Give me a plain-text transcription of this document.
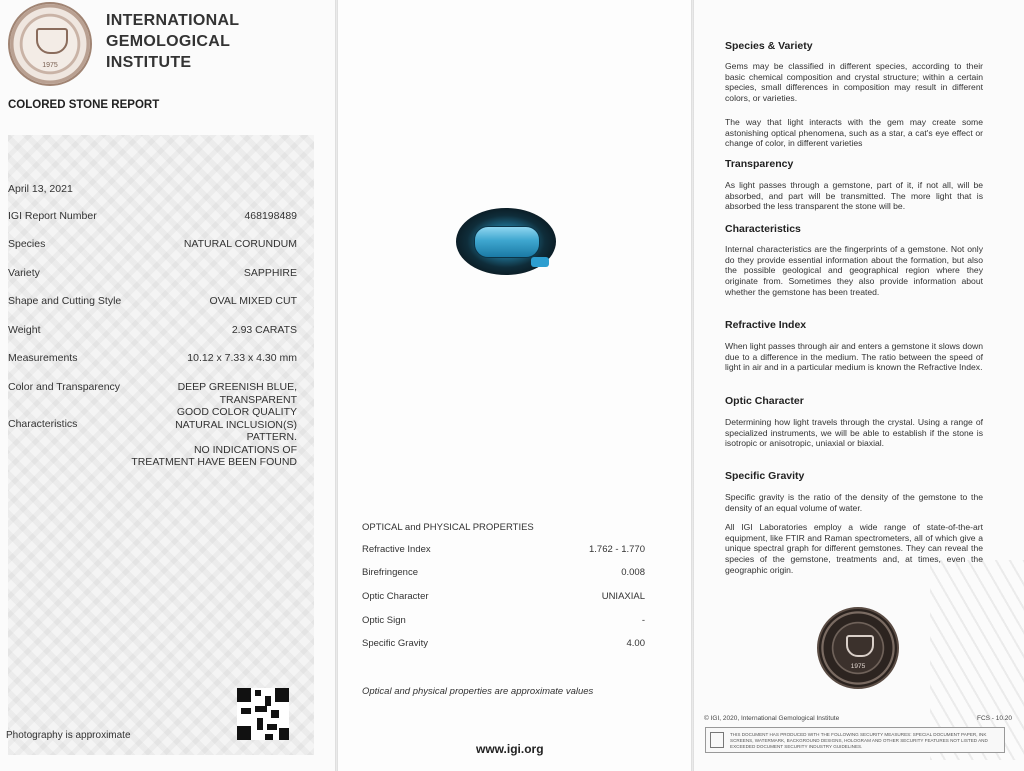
1975
INTERNATIONAL
GEMOLOGICAL
INSTITUTE
COLORED STONE REPORT
April 13, 2021
IGI Report Number	468198489
Species	NATURAL CORUNDUM
Variety	SAPPHIRE
Shape and Cutting Style	OVAL MIXED CUT
Weight	2.93 CARATS
Measurements	10.12 x 7.33 x 4.30 mm
Color and Transparency	DEEP GREENISH BLUE,
TRANSPARENT
Characteristics
GOOD COLOR QUALITY
NATURAL INCLUSION(S)
PATTERN.
NO INDICATIONS OF
TREATMENT HAVE BEEN FOUND
Photography is approximate
OPTICAL and PHYSICAL PROPERTIES
Refractive Index	1.762 - 1.770
Birefringence	0.008
Optic Character	UNIAXIAL
Optic Sign	-
Specific Gravity	4.00
Optical and physical properties are approximate values
www.igi.org
Species & Variety
Gems may be classified in different species, according to their basic chemical composition and crystal structure; within a certain species, small differences in composition may result in different colors, or varieties.
The way that light interacts with the gem may create some astonishing optical phenomena, such as a star, a cat's eye effect or change of color, in different varieties
Transparency
As light passes through a gemstone, part of it, if not all, will be absorbed, and part will be transmitted. The more light that is absorbed the less transparent the stone will be.
Characteristics
Internal characteristics are the fingerprints of a gemstone. Not only do they provide essential information about the formation, but also the possible geological and geographical region where they originate from. Sometimes they also provide information about whether the gemstone has been treated.
Refractive Index
When light passes through air and enters a gemstone it slows down due to a difference in the medium. The ratio between the speed of light in air and in a particular medium is known the Refractive Index.
Optic Character
Determining how light travels through the crystal. Using a range of specialized instruments, we will be able to establish if the stone is isotropic or anisotropic, uniaxial or biaxial.
Specific Gravity
Specific gravity is the ratio of the density of the gemstone to the density of an equal volume of water.
All IGI Laboratories employ a wide range of state-of-the-art equipment, like FTIR and Raman spectrometers, all of which give a unique spectral graph for different gemstones. They can reveal the species of the gemstone, treatments and, at times, even the geographic origin.
1975
© IGI, 2020, International Gemological Institute	FCS - 10.20
THIS DOCUMENT HAS PRODUCED WITH THE FOLLOWING SECURITY MEASURES: SPECIAL DOCUMENT PAPER, INK SCREENS, WATERMARK, BACKGROUND DESIGNS, HOLOGRAM AND OTHER SECURITY FEATURES NOT LISTED AND EXCEEDED DOCUMENT SECURITY INDUSTRY GUIDELINES.
